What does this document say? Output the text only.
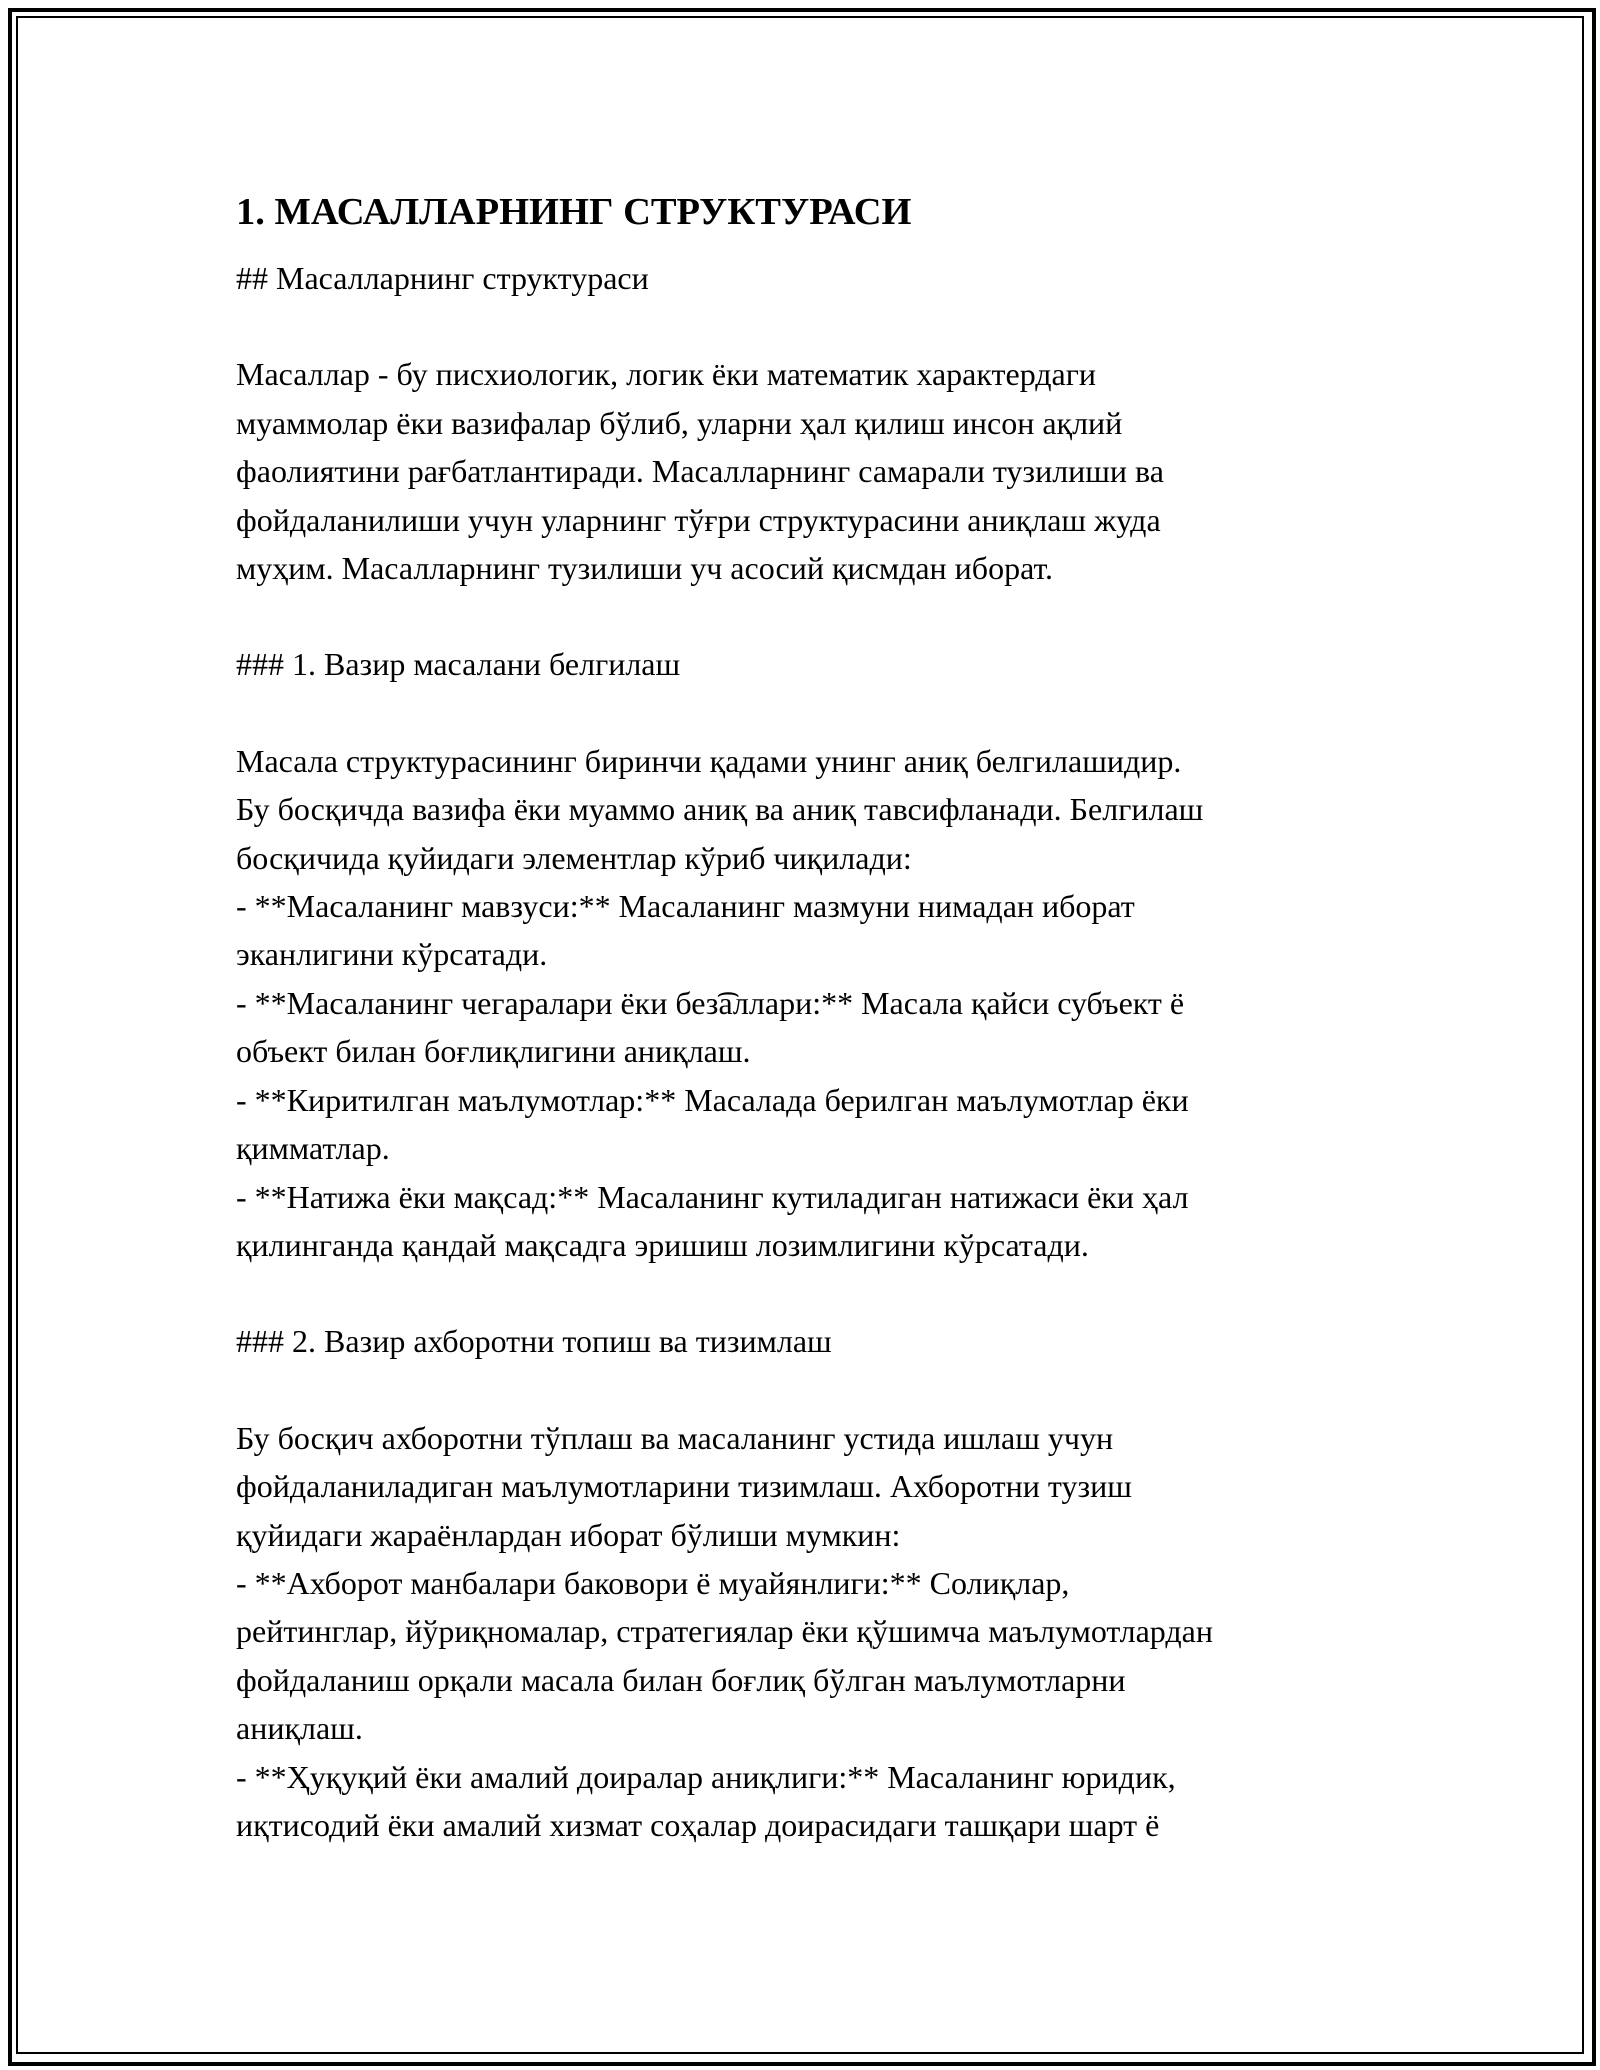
1. МАСАЛЛАРНИНГ СТРУКТУРАСИ

## Масалларнинг структураси

Масаллар - бу писхиологик, логик ёки математик характердаги
муаммолар ёки вазифалар бўлиб, уларни ҳал қилиш инсон ақлий
фаолиятини рағбатлантиради. Масалларнинг самарали тузилиши ва
фойдаланилиши учун уларнинг тўғри структурасини аниқлаш жуда
муҳим. Масалларнинг тузилиши уч асосий қисмдан иборат.

### 1. Вазир масалани белгилаш

Масала структурасининг биринчи қадами унинг аниқ белгилашидир.
Бу босқичда вазифа ёки муаммо аниқ ва аниқ тавсифланади. Белгилаш
босқичида қуйидаги элементлар кўриб чиқилади:
- **Масаланинг мавзуси:** Масаланинг мазмуни нимадан иборат
эканлигини кўрсатади.
- **Масаланинг чегаралари ёки без͡аллари:** Масала қайси субъект ё
объект билан боғлиқлигини аниқлаш.
- **Киритилган маълумотлар:** Масалада берилган маълумотлар ёки
қимматлар.
- **Натижа ёки мақсад:** Масаланинг кутиладиган натижаси ёки ҳал
қилинганда қандай мақсадга эришиш лозимлигини кўрсатади.

### 2. Вазир ахборотни топиш ва тизимлаш

Бу босқич ахборотни тўплаш ва масаланинг устида ишлаш учун
фойдаланиладиган маълумотларини тизимлаш. Ахборотни тузиш
қуйидаги жараёнлардан иборат бўлиши мумкин:
- **Ахборот манбалари баковори ё муайянлиги:** Солиқлар,
рейтинглар, йўриқномалар, стратегиялар ёки қўшимча маълумотлардан
фойдаланиш орқали масала билан боғлиқ бўлган маълумотларни
аниқлаш.
- **Ҳуқуқий ёки амалий доиралар аниқлиги:** Масаланинг юридик,
иқтисодий ёки амалий хизмат соҳалар доирасидаги ташқари шарт ё
